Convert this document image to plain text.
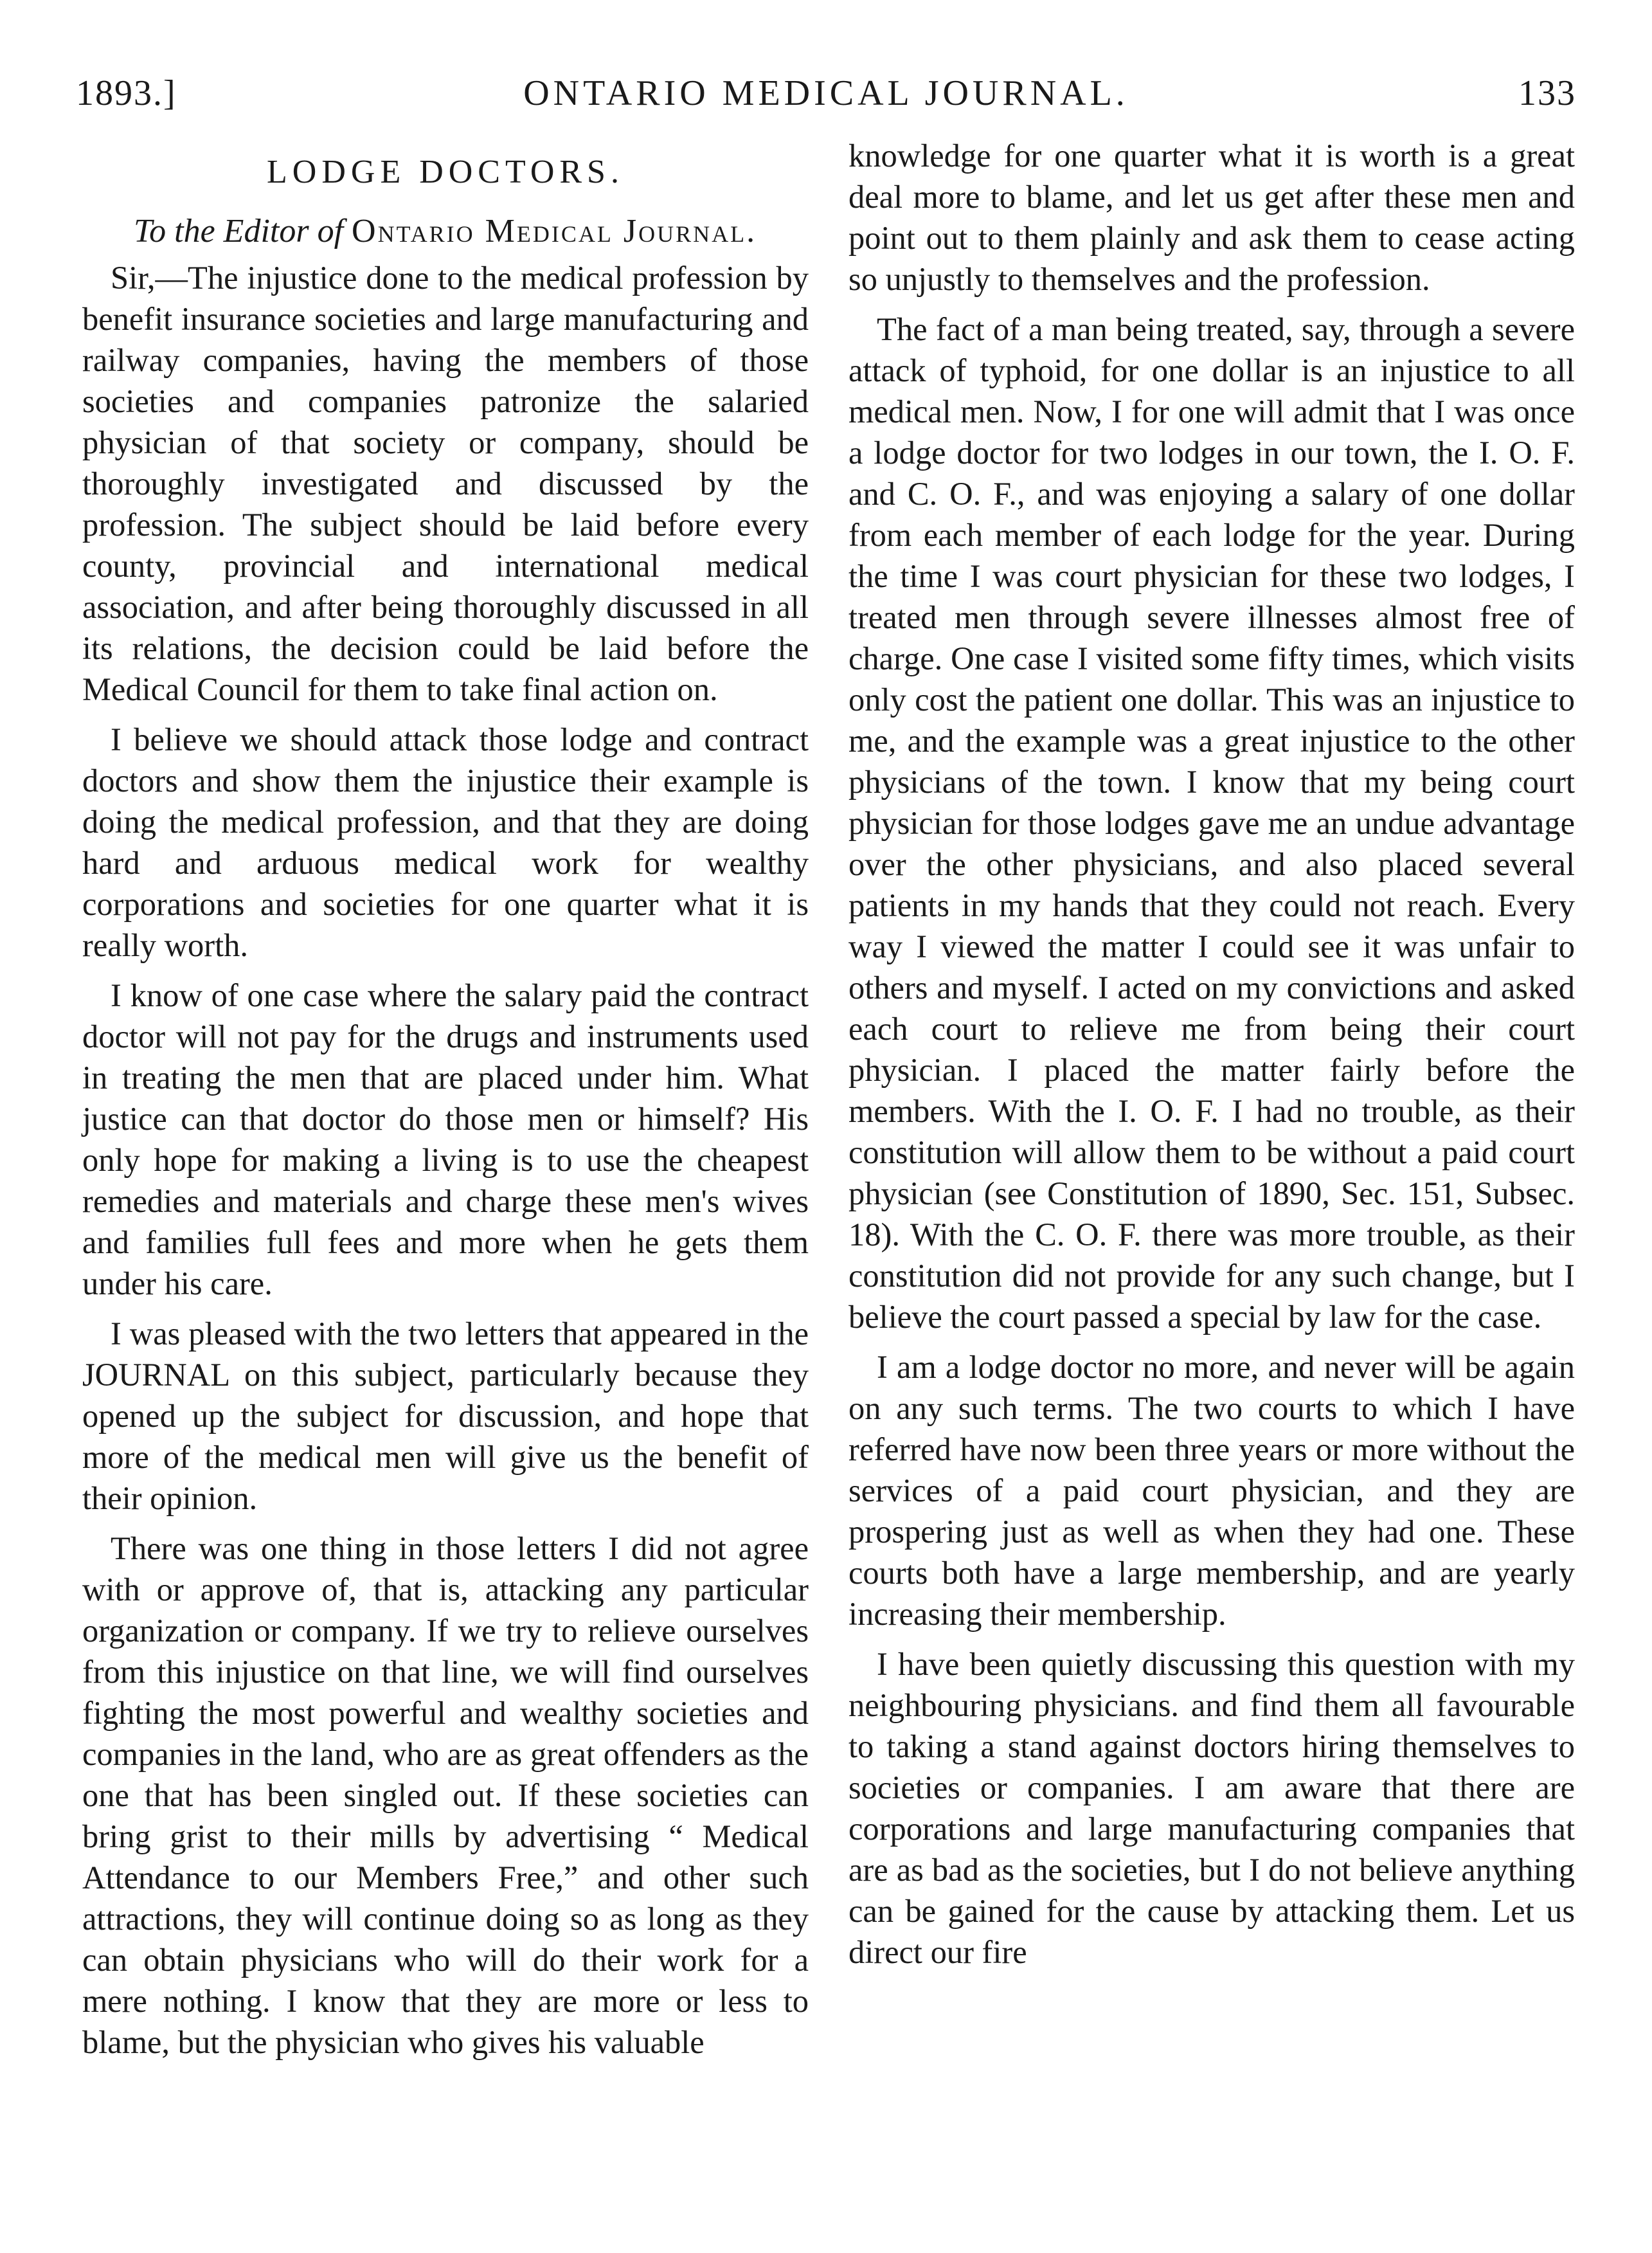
1893.]	ONTARIO MEDICAL JOURNAL.	133
LODGE DOCTORS.
To the Editor of Ontario Medical Journal.

Sir,—The injustice done to the medical profession by benefit insurance societies and large manufacturing and railway companies, having the members of those societies and companies patronize the salaried physician of that society or company, should be thoroughly investigated and discussed by the profession. The subject should be laid before every county, provincial and international medical association, and after being thoroughly discussed in all its relations, the decision could be laid before the Medical Council for them to take final action on.

I believe we should attack those lodge and contract doctors and show them the injustice their example is doing the medical profession, and that they are doing hard and arduous medical work for wealthy corporations and societies for one quarter what it is really worth.

I know of one case where the salary paid the contract doctor will not pay for the drugs and instruments used in treating the men that are placed under him. What justice can that doctor do those men or himself? His only hope for making a living is to use the cheapest remedies and materials and charge these men's wives and families full fees and more when he gets them under his care.

I was pleased with the two letters that appeared in the JOURNAL on this subject, particularly because they opened up the subject for discussion, and hope that more of the medical men will give us the benefit of their opinion.

There was one thing in those letters I did not agree with or approve of, that is, attacking any particular organization or company. If we try to relieve ourselves from this injustice on that line, we will find ourselves fighting the most powerful and wealthy societies and companies in the land, who are as great offenders as the one that has been singled out. If these societies can bring grist to their mills by advertising “ Medical Attendance to our Members Free,” and other such attractions, they will continue doing so as long as they can obtain physicians who will do their work for a mere nothing. I know that they are more or less to blame, but the physician who gives his valuable

knowledge for one quarter what it is worth is a great deal more to blame, and let us get after these men and point out to them plainly and ask them to cease acting so unjustly to themselves and the profession.

The fact of a man being treated, say, through a severe attack of typhoid, for one dollar is an injustice to all medical men. Now, I for one will admit that I was once a lodge doctor for two lodges in our town, the I. O. F. and C. O. F., and was enjoying a salary of one dollar from each member of each lodge for the year. During the time I was court physician for these two lodges, I treated men through severe illnesses almost free of charge. One case I visited some fifty times, which visits only cost the patient one dollar. This was an injustice to me, and the example was a great injustice to the other physicians of the town. I know that my being court physician for those lodges gave me an undue advantage over the other physicians, and also placed several patients in my hands that they could not reach. Every way I viewed the matter I could see it was unfair to others and myself. I acted on my convictions and asked each court to relieve me from being their court physician. I placed the matter fairly before the members. With the I. O. F. I had no trouble, as their constitution will allow them to be without a paid court physician (see Constitution of 1890, Sec. 151, Subsec. 18). With the C. O. F. there was more trouble, as their constitution did not provide for any such change, but I believe the court passed a special by law for the case.

I am a lodge doctor no more, and never will be again on any such terms. The two courts to which I have referred have now been three years or more without the services of a paid court physician, and they are prospering just as well as when they had one. These courts both have a large membership, and are yearly increasing their membership.

I have been quietly discussing this question with my neighbouring physicians. and find them all favourable to taking a stand against doctors hiring themselves to societies or companies. I am aware that there are corporations and large manufacturing companies that are as bad as the societies, but I do not believe anything can be gained for the cause by attacking them. Let us direct our fire
